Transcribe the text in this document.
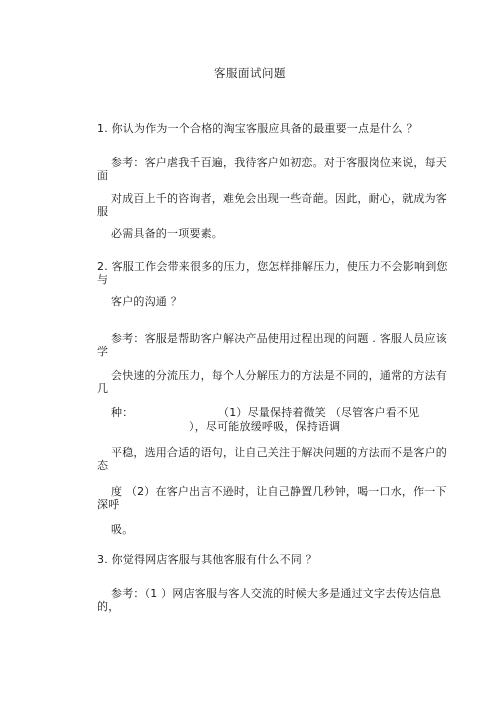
客服面试问题
1. 你认为作为一个合格的淘宝客服应具备的最重要一点是什么 ？
参考：客户虐我千百遍，我待客户如初恋。对于客服岗位来说，每天
面
对成百上千的咨询者，难免会出现一些奇葩。因此，耐心，就成为客
服
必需具备的一项要素。
2. 客服工作会带来很多的压力，您怎样排解压力，使压力不会影响到您
与
客户的沟通 ？
参考：客服是帮助客户解决产品使用过程出现的问题 . 客服人员应该
学
会快速的分流压力，每个人分解压力的方法是不同的，通常的方法有
几
种：	（1）尽量保持着微笑 （尽管客户看不见
），尽可能放缓呼吸，保持语调
平稳，选用合适的语句，让自己关注于解决问题的方法而不是客户的
态
度 （2）在客户出言不逊时，让自己静置几秒钟，喝一口水，作一下
深呼
吸。
3. 你觉得网店客服与其他客服有什么不同 ？
参考：（1 ）网店客服与客人交流的时候大多是通过文字去传达信息
的，
